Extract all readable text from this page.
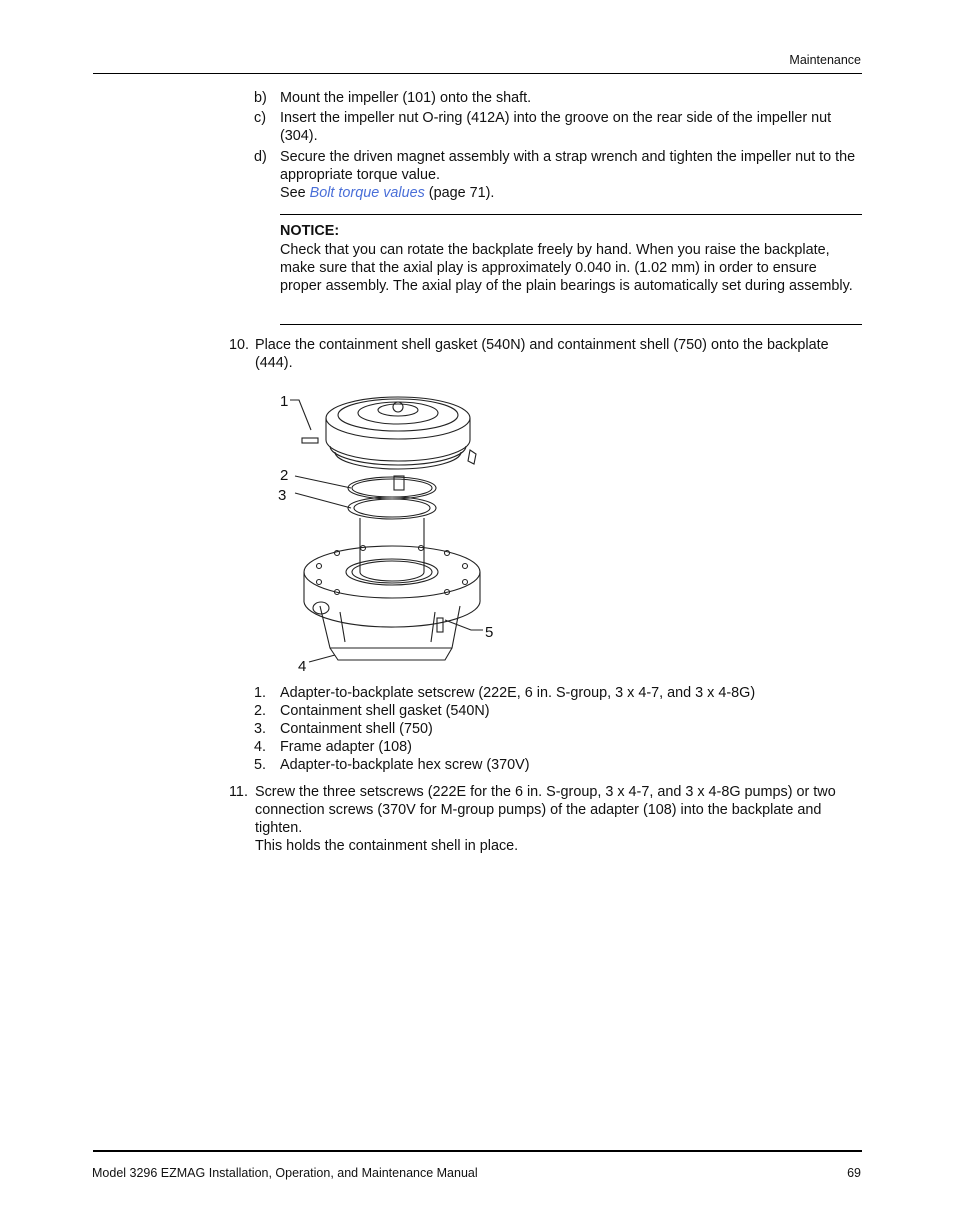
Maintenance
b) Mount the impeller (101) onto the shaft.
c) Insert the impeller nut O-ring (412A) into the groove on the rear side of the impeller nut (304).
d) Secure the driven magnet assembly with a strap wrench and tighten the impeller nut to the appropriate torque value.
See Bolt torque values (page 71).
NOTICE:
Check that you can rotate the backplate freely by hand. When you raise the backplate, make sure that the axial play is approximately 0.040 in. (1.02 mm) in order to ensure proper assembly. The axial play of the plain bearings is automatically set during assembly.
10. Place the containment shell gasket (540N) and containment shell (750) onto the backplate (444).
1
2
3
4
5
1. Adapter-to-backplate setscrew (222E, 6 in. S-group, 3 x 4-7, and 3 x 4-8G)
2. Containment shell gasket (540N)
3. Containment shell (750)
4. Frame adapter (108)
5. Adapter-to-backplate hex screw (370V)
11. Screw the three setscrews (222E for the 6 in. S-group, 3 x 4-7, and 3 x 4-8G pumps) or two connection screws (370V for M-group pumps) of the adapter (108) into the backplate and tighten.
This holds the containment shell in place.
Model 3296 EZMAG Installation, Operation, and Maintenance Manual	69
